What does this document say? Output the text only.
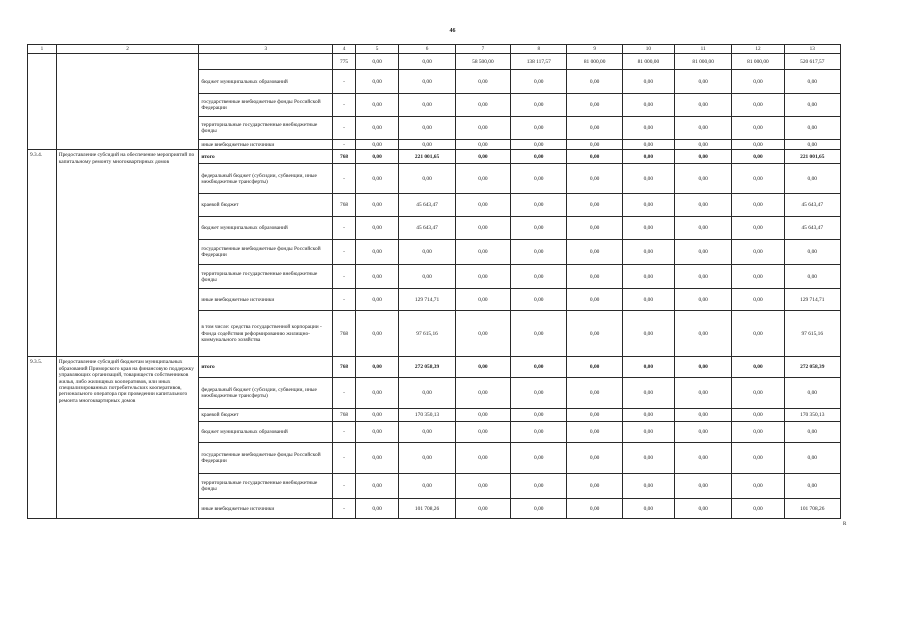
46
1	2	3	4	5	6	7	8	9	10	11	12	13
			775	0,00	0,00	58 500,00	138 117,57	81 000,00	81 000,00	81 000,00	81 000,00	520 617,57
		бюджет муниципальных образований	-	0,00	0,00	0,00	0,00	0,00	0,00	0,00	0,00	0,00
		государственные внебюджетные фонды Российской Федерации	-	0,00	0,00	0,00	0,00	0,00	0,00	0,00	0,00	0,00
		территориальные государственные внебюджетные фонды	-	0,00	0,00	0,00	0,00	0,00	0,00	0,00	0,00	0,00
		иные внебюджетные источники	-	0,00	0,00	0,00	0,00	0,00	0,00	0,00	0,00	0,00
9.3.4.	Предоставление субсидий на обеспечение мероприятий по капитальному ремонту многоквартирных домов	итого	768	0,00	221 001,65	0,00	0,00	0,00	0,00	0,00	0,00	221 001,65
		федеральный бюджет (субсидии, субвенции, иные межбюджетные трансферты)	-	0,00	0,00	0,00	0,00	0,00	0,00	0,00	0,00	0,00
		краевой бюджет	768	0,00	45 643,47	0,00	0,00	0,00	0,00	0,00	0,00	45 643,47
		бюджет муниципальных образований	-	0,00	45 643,47	0,00	0,00	0,00	0,00	0,00	0,00	45 643,47
		государственные внебюджетные фонды Российской Федерации	-	0,00	0,00	0,00	0,00	0,00	0,00	0,00	0,00	0,00
		территориальные государственные внебюджетные фонды	-	0,00	0,00	0,00	0,00	0,00	0,00	0,00	0,00	0,00
		иные внебюджетные источники	-	0,00	129 714,71	0,00	0,00	0,00	0,00	0,00	0,00	129 714,71
		в том числе: средства государственной корпорации - Фонда содействия реформированию жилищно-коммунального хозяйства	768	0,00	97 615,16	0,00	0,00	0,00	0,00	0,00	0,00	97 615,16
9.3.5.	Предоставление субсидий бюджетам муниципальных образований Приморского края на финансовую поддержку управляющих организаций, товариществ собственников жилья, либо жилищных кооперативов, или иных специализированных потребительских кооперативов, регионального оператора при проведении капитального ремонта многоквартирных домов	итого	768	0,00	272 058,39	0,00	0,00	0,00	0,00	0,00	0,00	272 058,39
		федеральный бюджет (субсидии, субвенции, иные межбюджетные трансферты)	-	0,00	0,00	0,00	0,00	0,00	0,00	0,00	0,00	0,00
		краевой бюджет	768	0,00	170 350,13	0,00	0,00	0,00	0,00	0,00	0,00	170 350,13
		бюджет муниципальных образований	-	0,00	0,00	0,00	0,00	0,00	0,00	0,00	0,00	0,00
		государственные внебюджетные фонды Российской Федерации	-	0,00	0,00	0,00	0,00	0,00	0,00	0,00	0,00	0,00
		территориальные государственные внебюджетные фонды	-	0,00	0,00	0,00	0,00	0,00	0,00	0,00	0,00	0,00
		иные внебюджетные источники	-	0,00	101 708,26	0,00	0,00	0,00	0,00	0,00	0,00	101 708,26
R
